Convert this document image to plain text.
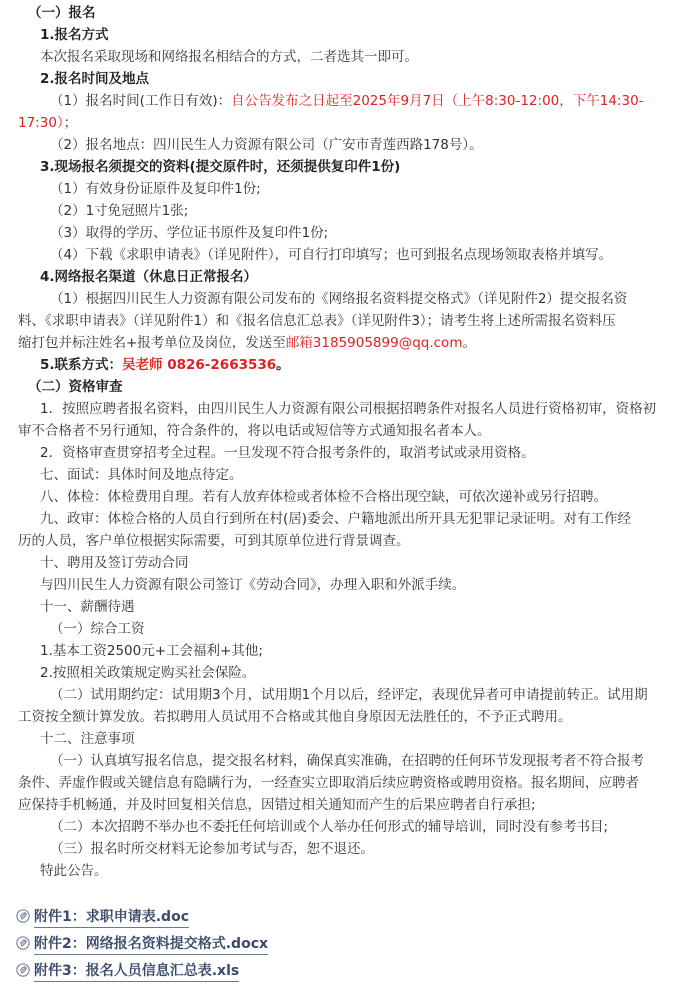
（一）报名
1.报名方式
本次报名采取现场和网络报名相结合的方式，二者选其一即可。
2.报名时间及地点
（1）报名时间(工作日有效)：自公告发布之日起至2025年9月7日（上午8:30-12:00，下午14:30-
17:30）；
（2）报名地点：四川民生人力资源有限公司（广安市青莲西路178号）。
3.现场报名须提交的资料(提交原件时，还须提供复印件1份)
（1）有效身份证原件及复印件1份;
（2）1寸免冠照片1张;
（3）取得的学历、学位证书原件及复印件1份;
（4）下载《求职申请表》（详见附件），可自行打印填写；也可到报名点现场领取表格并填写。
4.网络报名渠道（休息日正常报名）
（1）根据四川民生人力资源有限公司发布的《网络报名资料提交格式》（详见附件2）提交报名资
料、《求职申请表》（详见附件1）和《报名信息汇总表》（详见附件3）；请考生将上述所需报名资料压
缩打包并标注姓名+报考单位及岗位，发送至邮箱3185905899@qq.com。
5.联系方式：吴老师 0826-2663536。
（二）资格审查
1．按照应聘者报名资料，由四川民生人力资源有限公司根据招聘条件对报名人员进行资格初审，资格初
审不合格者不另行通知，符合条件的，将以电话或短信等方式通知报名者本人。
2．资格审查贯穿招考全过程。一旦发现不符合报考条件的，取消考试或录用资格。
七、面试：具体时间及地点待定。
八、体检：体检费用自理。若有人放弃体检或者体检不合格出现空缺，可依次递补或另行招聘。
九、政审：体检合格的人员自行到所在村(居)委会、户籍地派出所开具无犯罪记录证明。对有工作经
历的人员，客户单位根据实际需要，可到其原单位进行背景调查。
十、聘用及签订劳动合同
与四川民生人力资源有限公司签订《劳动合同》，办理入职和外派手续。
十一、薪酬待遇
（一）综合工资
1.基本工资2500元+工会福利+其他;
2.按照相关政策规定购买社会保险。
（二）试用期约定：试用期3个月，试用期1个月以后，经评定，表现优异者可申请提前转正。试用期
工资按全额计算发放。若拟聘用人员试用不合格或其他自身原因无法胜任的，不予正式聘用。
十二、注意事项
（一）认真填写报名信息，提交报名材料，确保真实准确，在招聘的任何环节发现报考者不符合报考
条件、弄虚作假或关键信息有隐瞒行为，一经查实立即取消后续应聘资格或聘用资格。报名期间，应聘者
应保持手机畅通，并及时回复相关信息，因错过相关通知而产生的后果应聘者自行承担;
（二）本次招聘不举办也不委托任何培训或个人举办任何形式的辅导培训，同时没有参考书目;
（三）报名时所交材料无论参加考试与否，恕不退还。
特此公告。
附件1：求职申请表.doc
附件2：网络报名资料提交格式.docx
附件3：报名人员信息汇总表.xls
